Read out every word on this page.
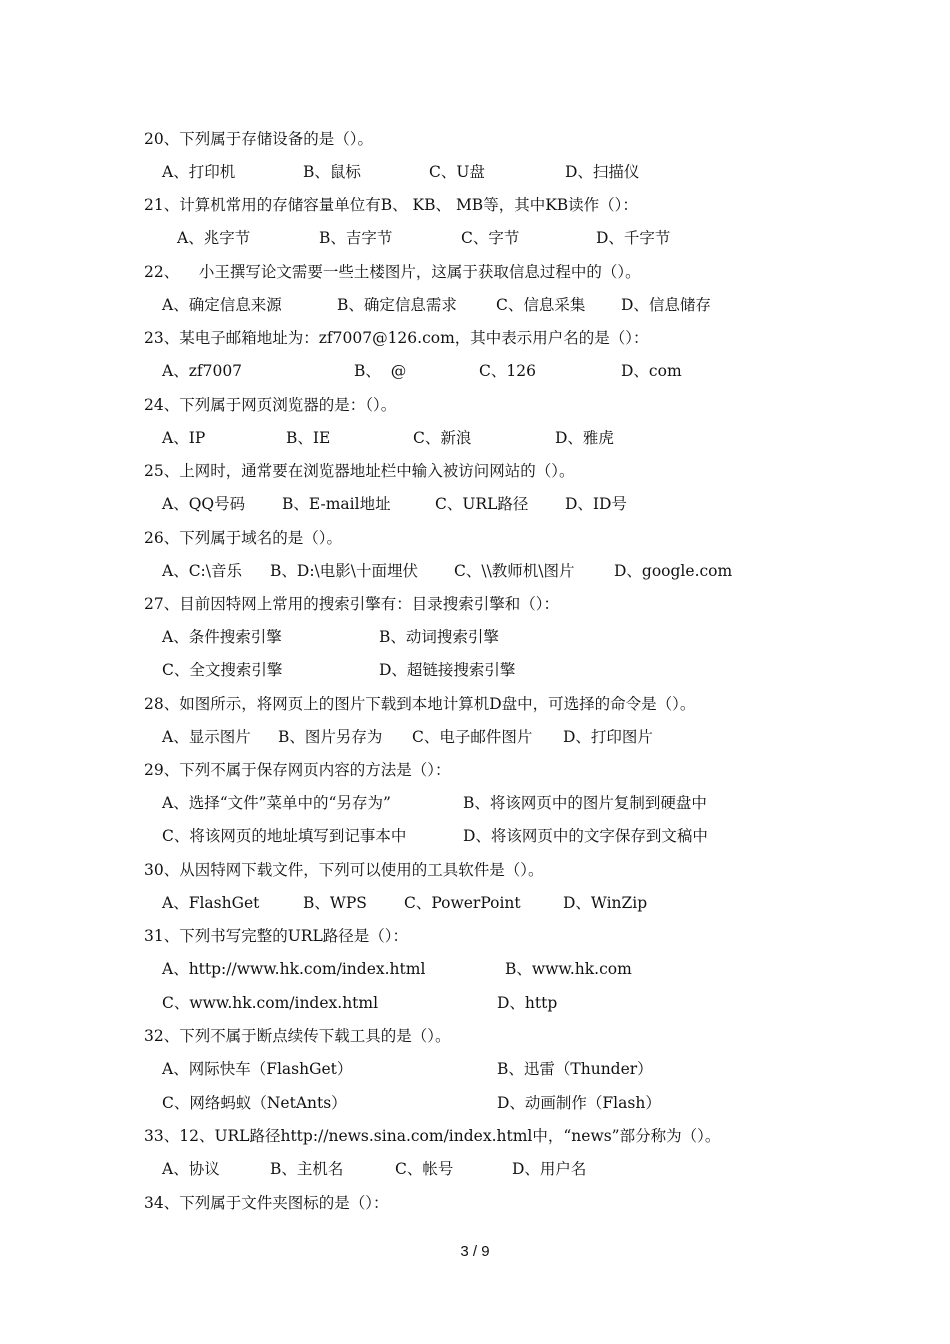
20、下列属于存储设备的是（）。
A、打印机	B、鼠标	C、U盘	D、扫描仪
21、计算机常用的存储容量单位有B、 KB、 MB等，其中KB读作（）：
A、兆字节	B、吉字节	C、字节	D、千字节
22、    小王撰写论文需要一些土楼图片，这属于获取信息过程中的（）。
A、确定信息来源	B、确定信息需求	C、信息采集 D、信息储存
23、某电子邮箱地址为：zf7007@126.com，其中表示用户名的是（）：
A、zf7007	B、  @	C、126	D、com
24、下列属于网页浏览器的是：（）。
A、IP	B、IE	C、新浪	D、雅虎
25、上网时，通常要在浏览器地址栏中输入被访问网站的（）。
A、QQ号码 B、E-mail地址	C、URL路径 D、ID号
26、下列属于域名的是（）。
A、C:\音乐 B、D:\电影\十面埋伏 C、\\教师机\图片	D、google.com
27、目前因特网上常用的搜索引擎有：目录搜索引擎和（）：
A、条件搜索引擎	B、动词搜索引擎
C、全文搜索引擎	D、超链接搜索引擎
28、如图所示，将网页上的图片下载到本地计算机D盘中，可选择的命令是（）。
A、显示图片 B、图片另存为 C、电子邮件图片 D、打印图片
29、下列不属于保存网页内容的方法是（）：
A、选择“文件”菜单中的“另存为”	B、将该网页中的图片复制到硬盘中
C、将该网页的地址填写到记事本中	D、将该网页中的文字保存到文稿中
30、从因特网下载文件，下列可以使用的工具软件是（）。
A、FlashGet	B、WPS C、PowerPoint	D、WinZip
31、下列书写完整的URL路径是（）：
A、http://www.hk.com/index.html	B、www.hk.com
C、www.hk.com/index.html	D、http
32、下列不属于断点续传下载工具的是（）。
A、网际快车（FlashGet）	B、迅雷（Thunder）
C、网络蚂蚁（NetAnts）	D、动画制作（Flash）
33、12、URL路径http://news.sina.com/index.html中，“news”部分称为（）。
A、协议	B、主机名	C、帐号	D、用户名
34、下列属于文件夹图标的是（）：
3 / 9
